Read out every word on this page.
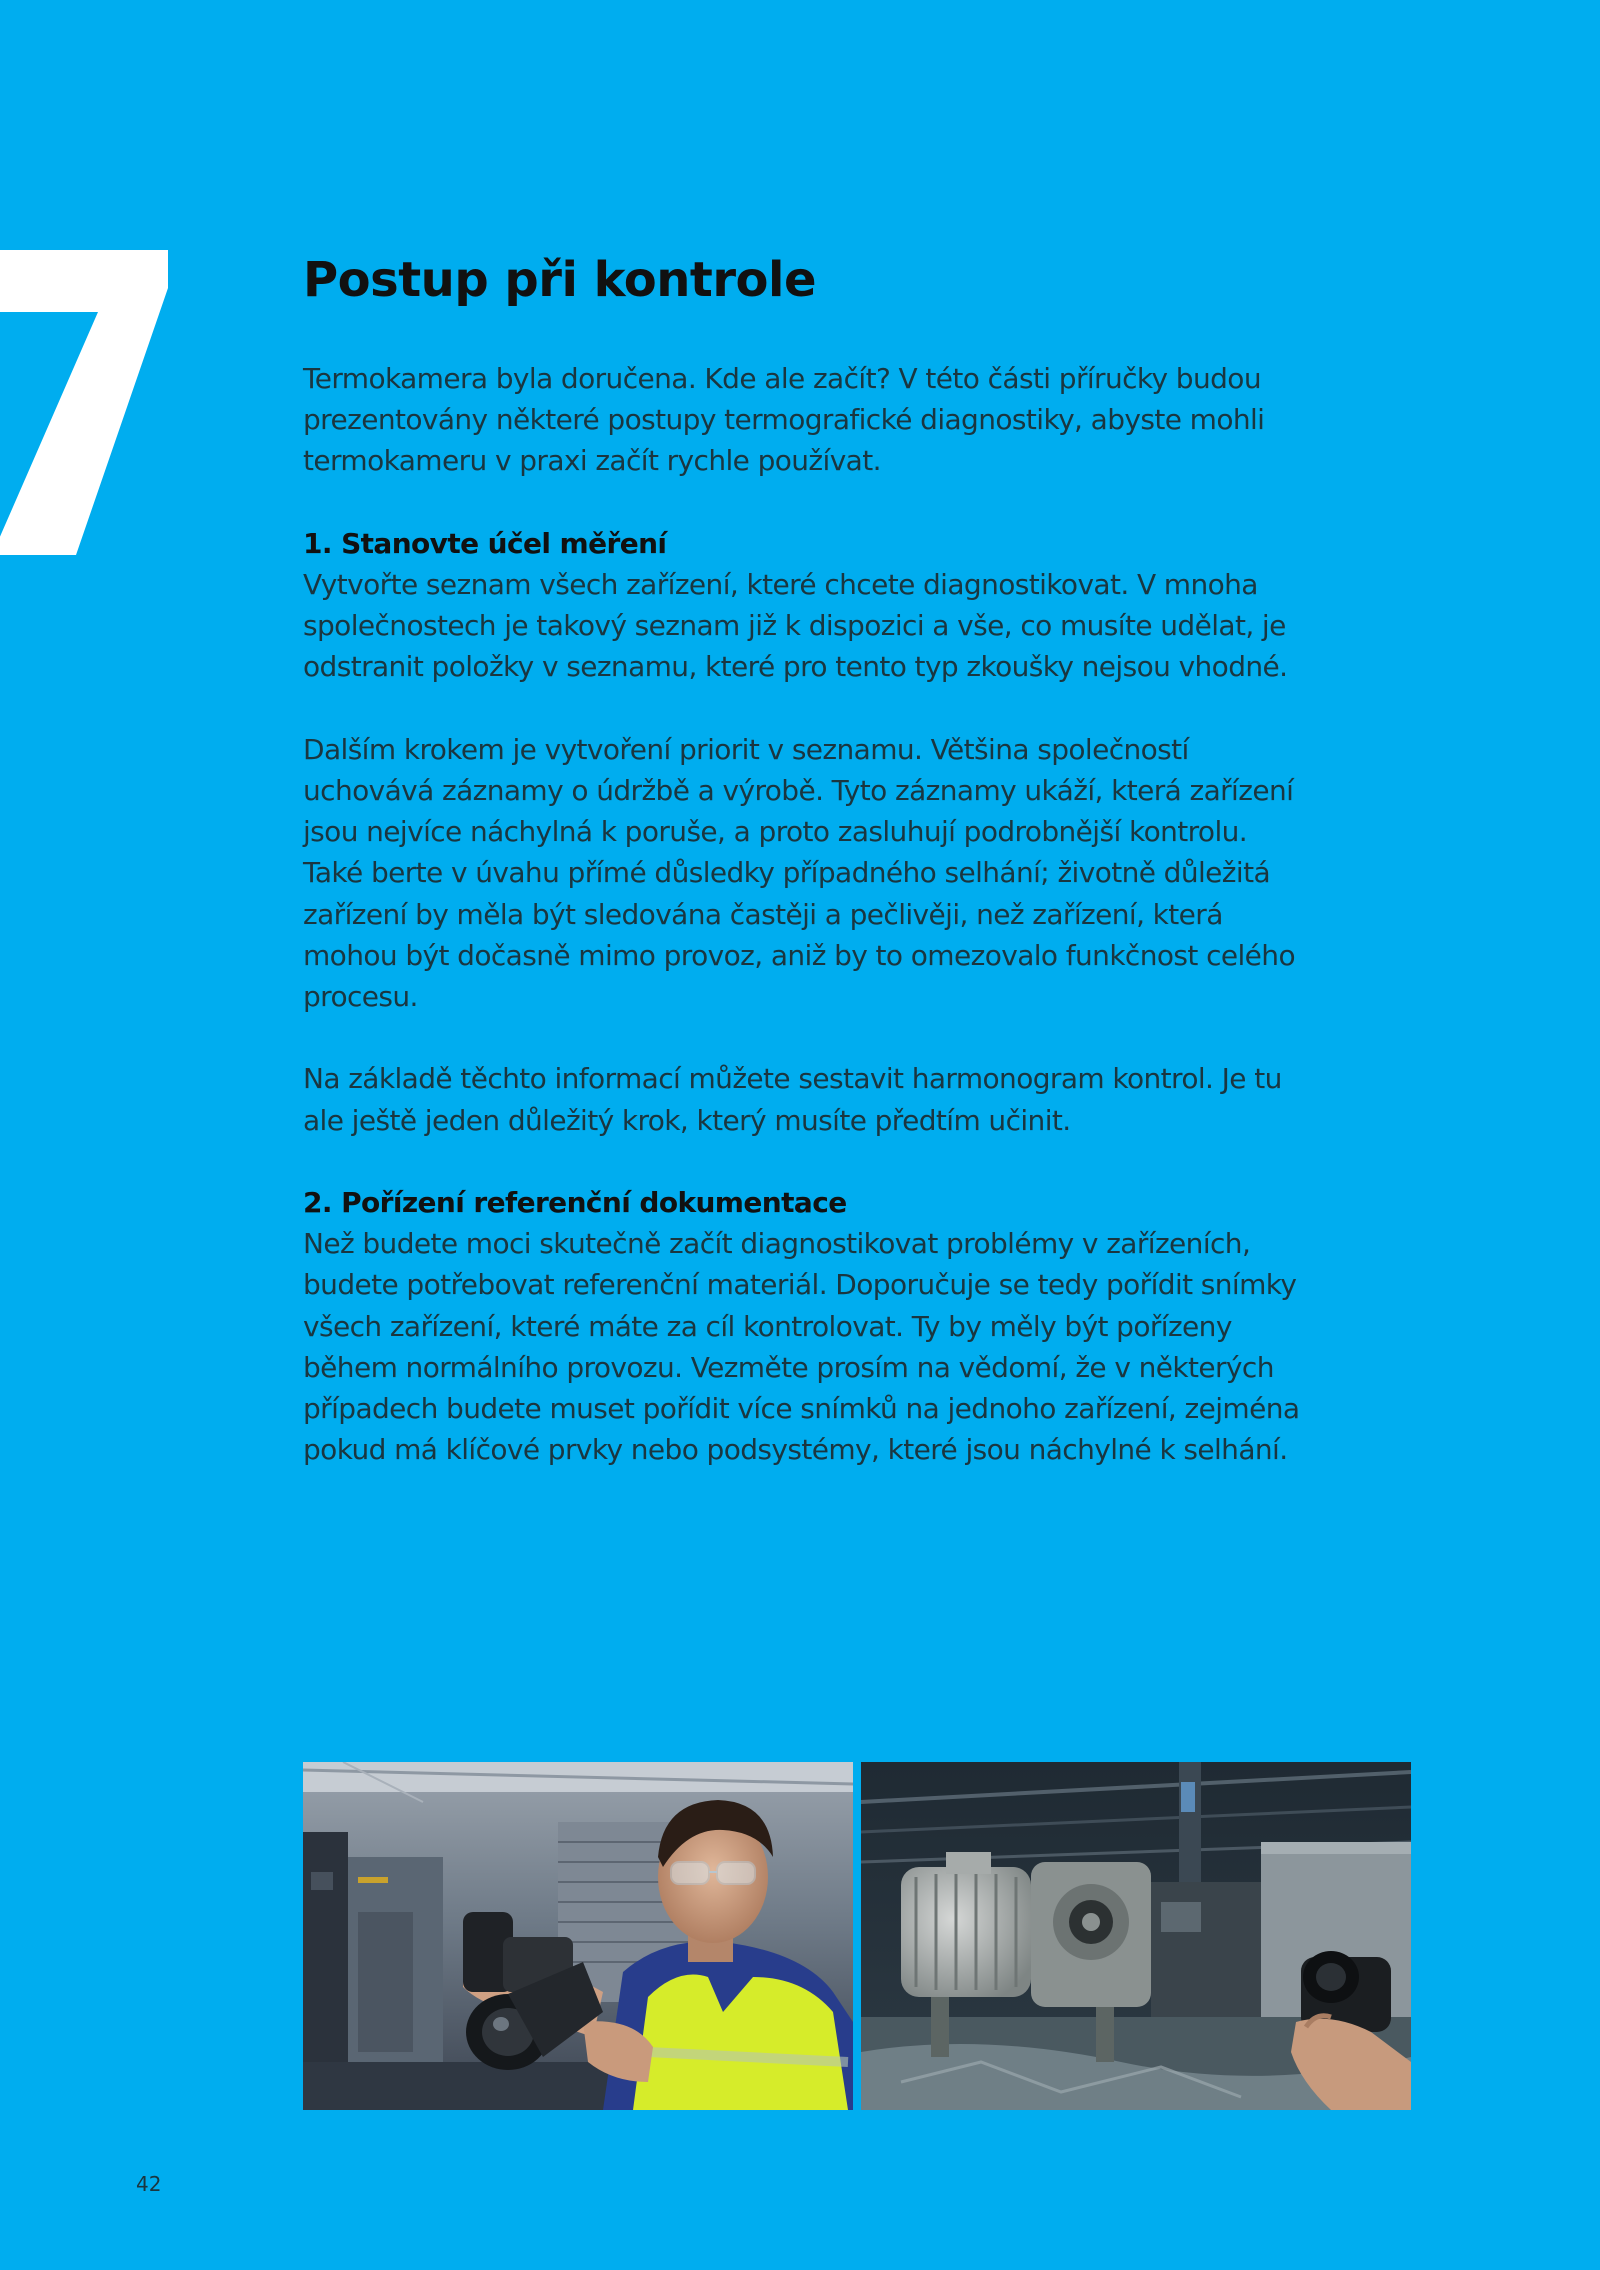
Postup při kontrole

Termokamera byla doručena. Kde ale začít? V této části příručky budou prezentovány některé postupy termografické diagnostiky, abyste mohli termokameru v praxi začít rychle používat.

1. Stanovte účel měření

Vytvořte seznam všech zařízení, které chcete diagnostikovat. V mnoha společnostech je takový seznam již k dispozici a vše, co musíte udělat, je odstranit položky v seznamu, které pro tento typ zkoušky nejsou vhodné.

Dalším krokem je vytvoření priorit v seznamu. Většina společností uchovává záznamy o údržbě a výrobě. Tyto záznamy ukáží, která zařízení jsou nejvíce náchylná k poruše, a proto zasluhují podrobnější kontrolu. Také berte v úvahu přímé důsledky případného selhání; životně důležitá zařízení by měla být sledována častěji a pečlivěji, než zařízení, která mohou být dočasně mimo provoz, aniž by to omezovalo funkčnost celého procesu.

Na základě těchto informací můžete sestavit harmonogram kontrol. Je tu ale ještě jeden důležitý krok, který musíte předtím učinit.

2. Pořízení referenční dokumentace

Než budete moci skutečně začít diagnostikovat problémy v zařízeních, budete potřebovat referenční materiál. Doporučuje se tedy pořídit snímky všech zařízení, které máte za cíl kontrolovat. Ty by měly být pořízeny během normálního provozu. Vezměte prosím na vědomí, že v některých případech budete muset pořídit více snímků na jednoho zařízení, zejména pokud má klíčové prvky nebo podsystémy, které jsou náchylné k selhání.

42
